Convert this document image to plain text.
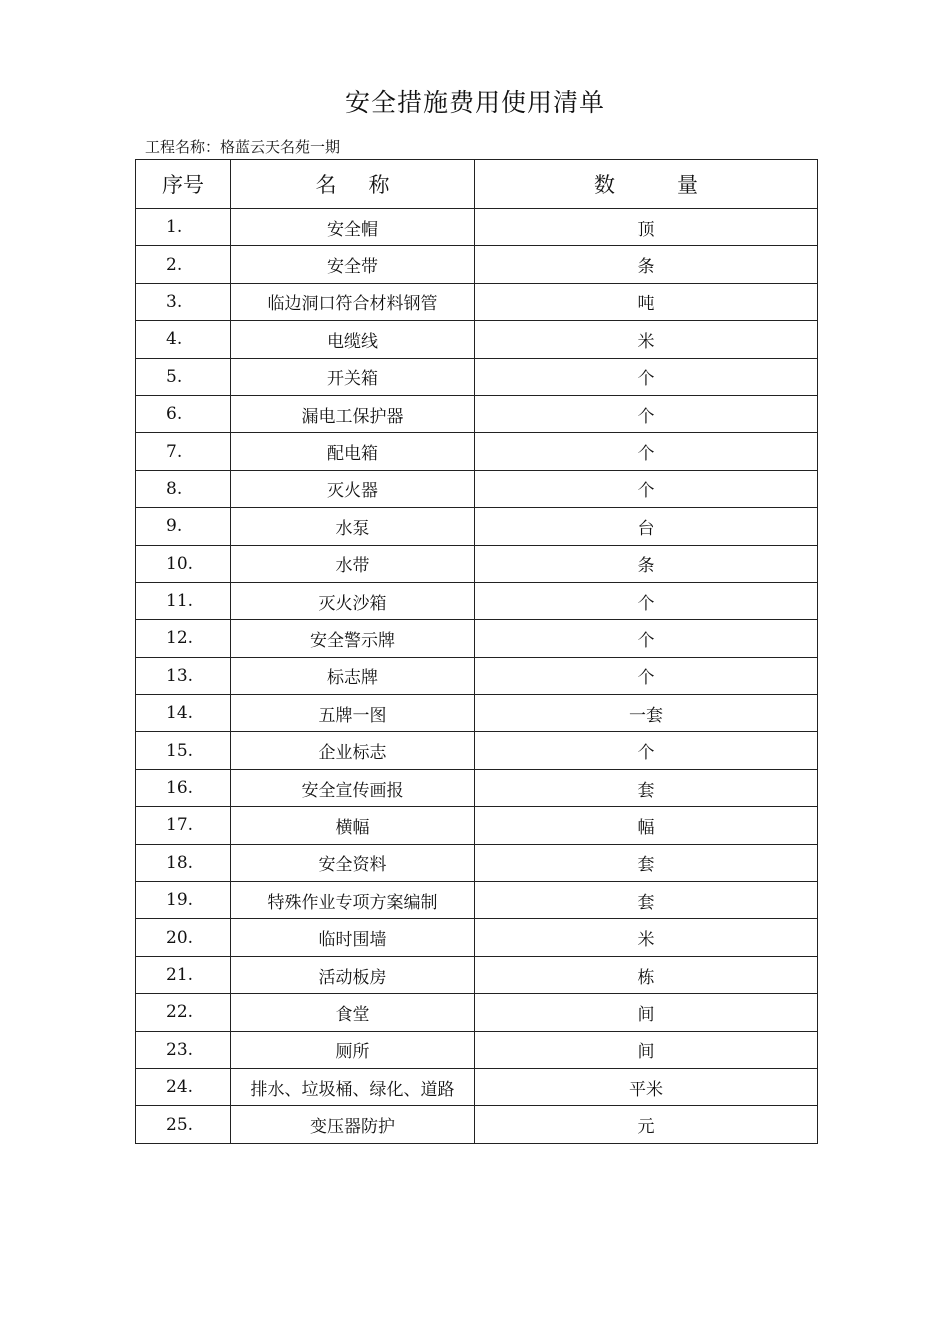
安全措施费用使用清单
工程名称：格蓝云天名苑一期
序号	名称	数量
1.	安全帽	顶
2.	安全带	条
3.	临边洞口符合材料钢管	吨
4.	电缆线	米
5.	开关箱	个
6.	漏电工保护器	个
7.	配电箱	个
8.	灭火器	个
9.	水泵	台
10.	水带	条
11.	灭火沙箱	个
12.	安全警示牌	个
13.	标志牌	个
14.	五牌一图	一套
15.	企业标志	个
16.	安全宣传画报	套
17.	横幅	幅
18.	安全资料	套
19.	特殊作业专项方案编制	套
20.	临时围墙	米
21.	活动板房	栋
22.	食堂	间
23.	厕所	间
24.	排水、垃圾桶、绿化、道路	平米
25.	变压器防护	元
